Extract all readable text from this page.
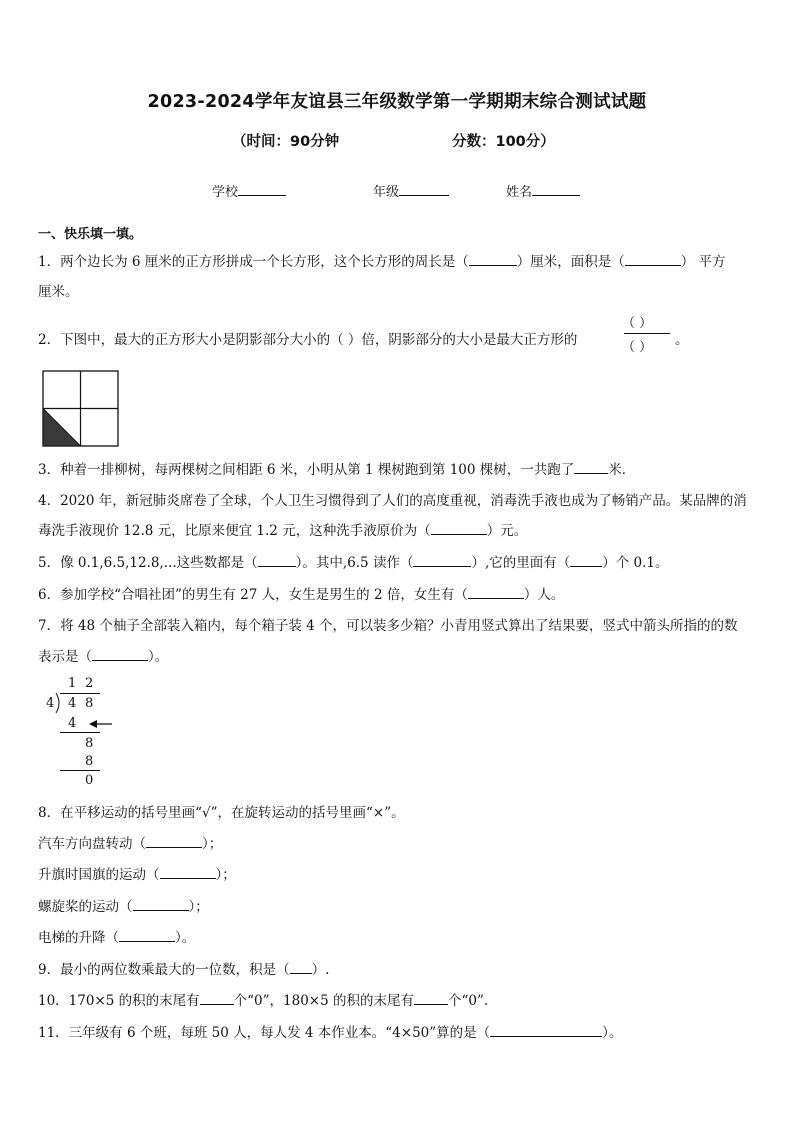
2023-2024学年友谊县三年级数学第一学期期末综合测试试题
（时间：90分钟	分数：100分）
学校	年级	姓名
一、快乐填一填。
1．两个边长为 6 厘米的正方形拼成一个长方形，这个长方形的周长是（	）厘米，面积是（	） 平方
厘米。
2．下图中，最大的正方形大小是阴影部分大小的（ ）倍，阴影部分的大小是最大正方形的
（ ）
（ ） 。
3．种着一排柳树，每两棵树之间相距 6 米，小明从第 1 棵树跑到第 100 棵树，一共跑了	米．
4．2020 年，新冠肺炎席卷了全球，个人卫生习惯得到了人们的高度重视，消毒洗手液也成为了畅销产品。某品牌的消
毒洗手液现价 12.8 元，比原来便宜 1.2 元，这种洗手液原价为（	）元。
5．像 0.1,6.5,12.8,...这些数都是（	）。其中,6.5 读作（	）,它的里面有（ ）个 0.1。
6．参加学校“合唱社团”的男生有 27 人，女生是男生的 2 倍，女生有（	）人。
7．将 48 个柚子全部装入箱内，每个箱子装 4 个，可以装多少箱？小青用竖式算出了结果要，竖式中箭头所指的的数
表示是（	）。
1 2
4 4 8
4
8
8
0
8．在平移运动的括号里画“√”，在旋转运动的括号里画“×”。
汽车方向盘转动（	）；
升旗时国旗的运动（	）；
螺旋桨的运动（	）；
电梯的升降（	）。
9．最小的两位数乘最大的一位数，积是（ ）.
10．170×5 的积的末尾有	个“0”，180×5 的积的末尾有	个“0”.
11．三年级有 6 个班，每班 50 人，每人发 4 本作业本。“4×50”算的是（	）。
